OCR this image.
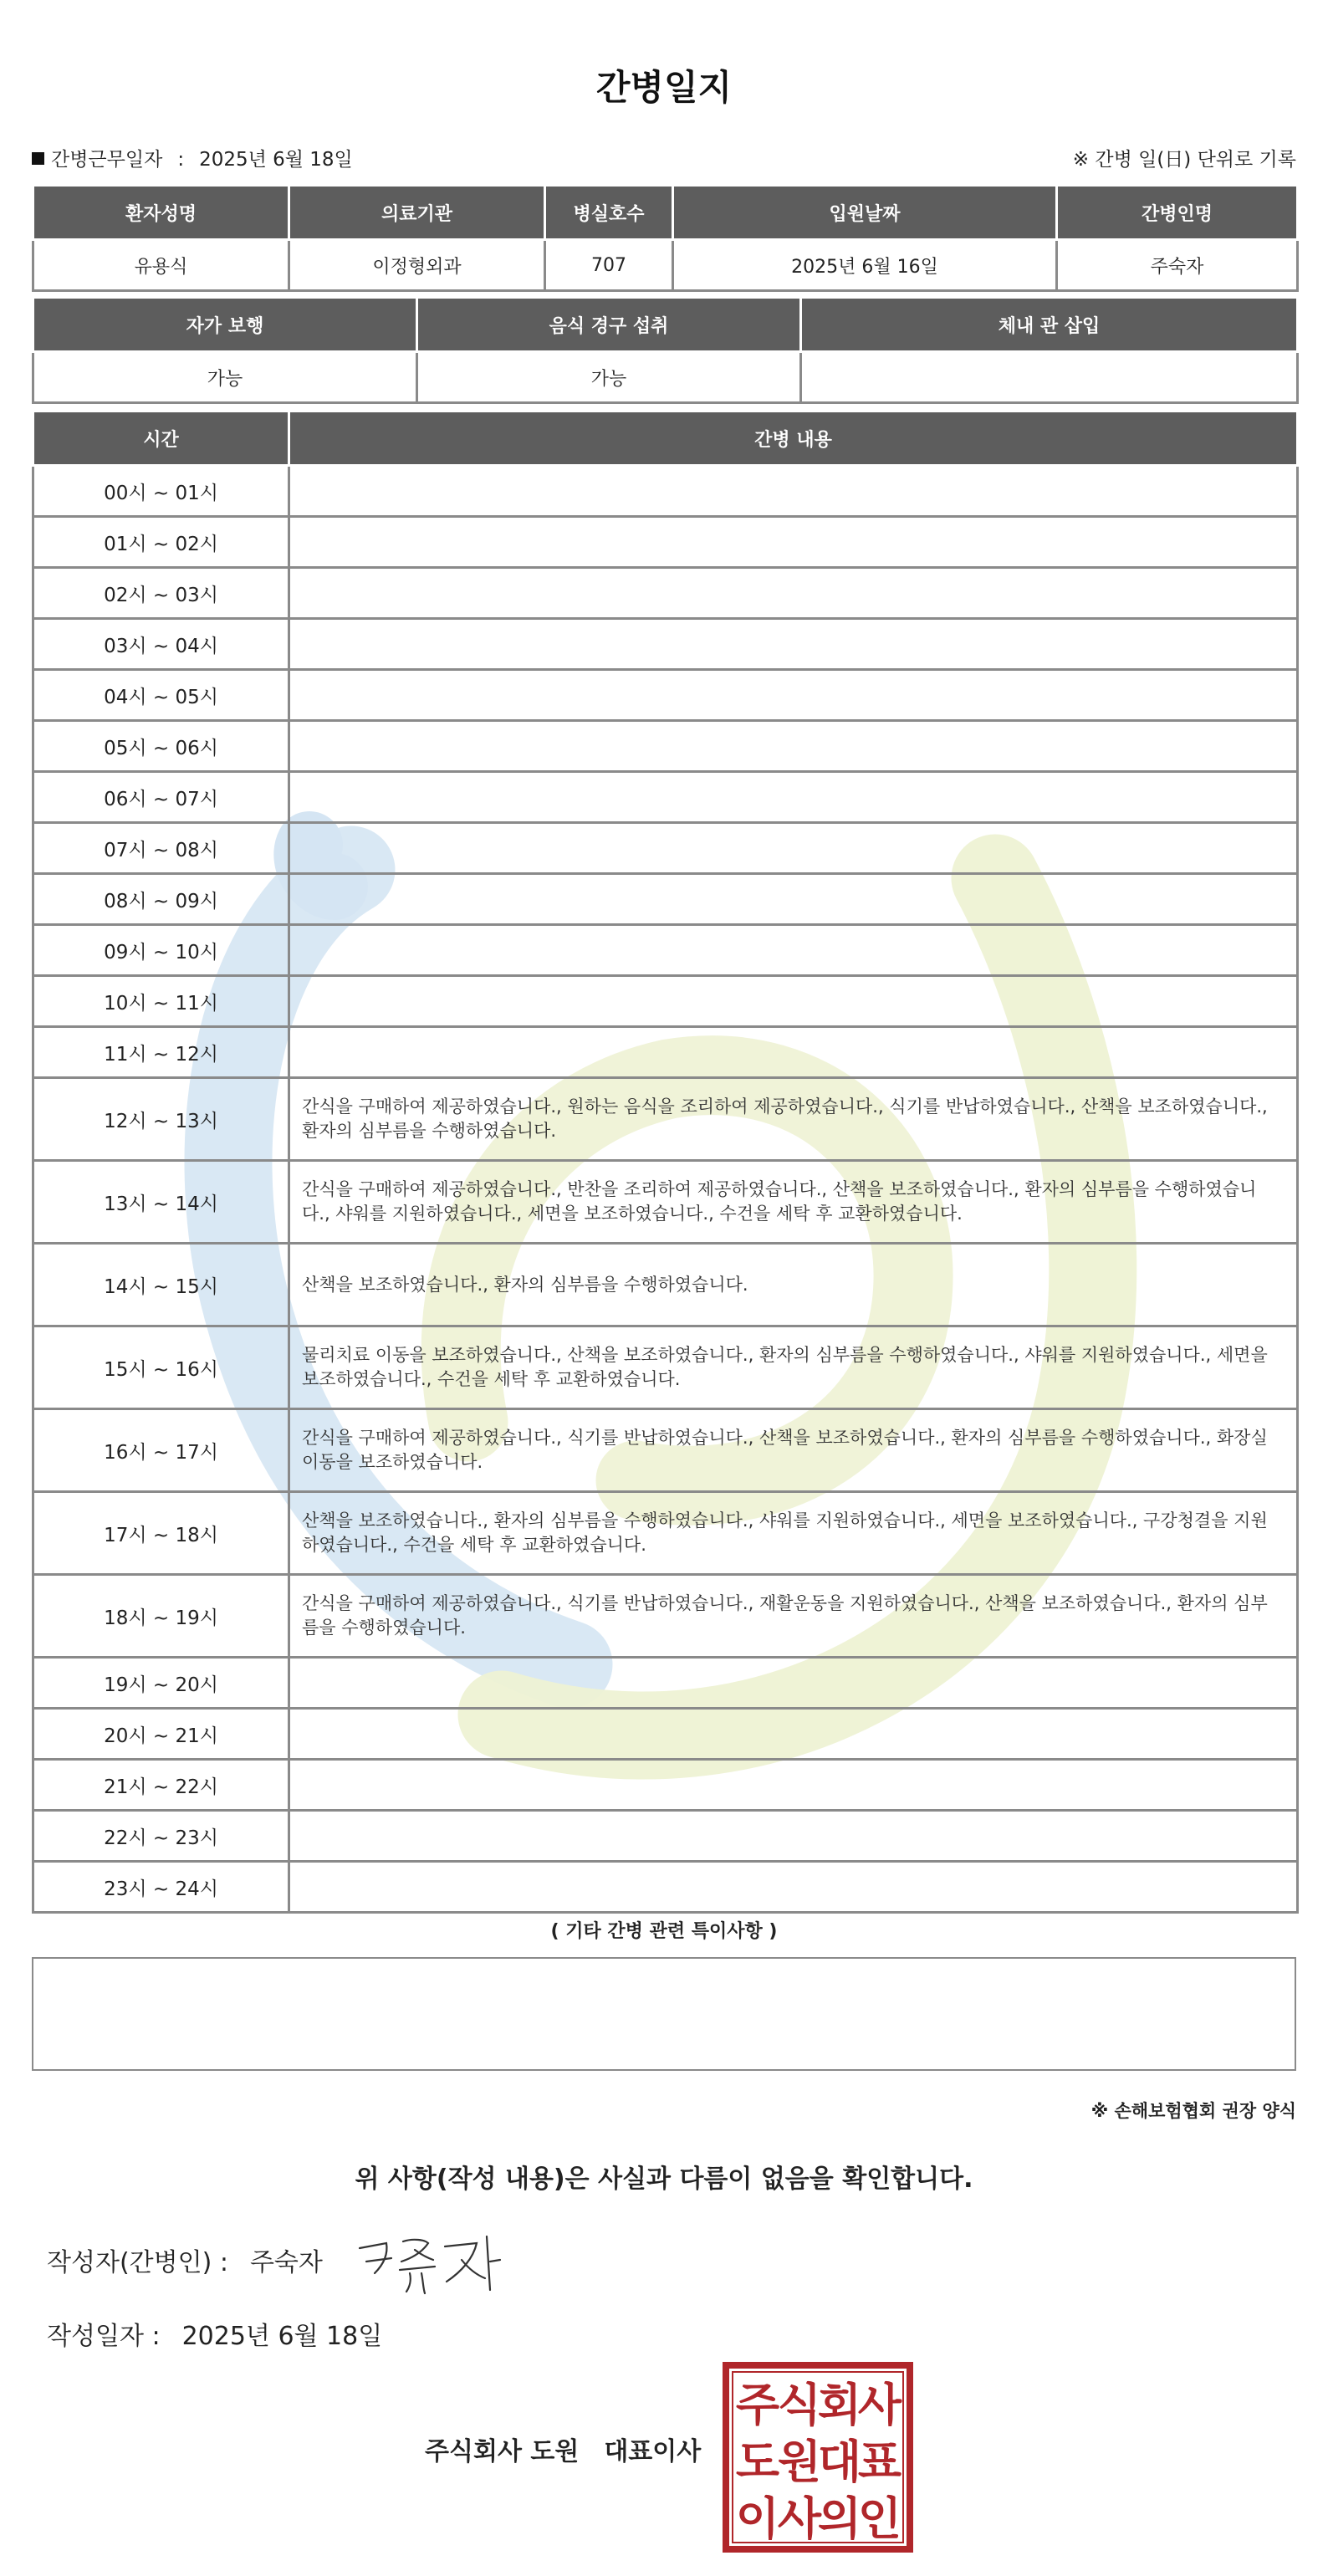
간병일지
간병근무일자 : 2025년 6월 18일	※ 간병 일(日) 단위로 기록
환자성명	의료기관	병실호수	입원날짜	간병인명
유용식	이정형외과	707	2025년 6월 16일	주숙자
자가 보행	음식 경구 섭취	체내 관 삽입
가능	가능	
시간	간병 내용
00시 ~ 01시	
01시 ~ 02시	
02시 ~ 03시	
03시 ~ 04시	
04시 ~ 05시	
05시 ~ 06시	
06시 ~ 07시	
07시 ~ 08시	
08시 ~ 09시	
09시 ~ 10시	
10시 ~ 11시	
11시 ~ 12시	
12시 ~ 13시	간식을 구매하여 제공하였습니다., 원하는 음식을 조리하여 제공하였습니다., 식기를 반납하였습니다., 산책을 보조하였습니다., 환자의 심부름을 수행하였습니다.
13시 ~ 14시	간식을 구매하여 제공하였습니다., 반찬을 조리하여 제공하였습니다., 산책을 보조하였습니다., 환자의 심부름을 수행하였습니다., 샤워를 지원하였습니다., 세면을 보조하였습니다., 수건을 세탁 후 교환하였습니다.
14시 ~ 15시	산책을 보조하였습니다., 환자의 심부름을 수행하였습니다.
15시 ~ 16시	물리치료 이동을 보조하였습니다., 산책을 보조하였습니다., 환자의 심부름을 수행하였습니다., 샤워를 지원하였습니다., 세면을 보조하였습니다., 수건을 세탁 후 교환하였습니다.
16시 ~ 17시	간식을 구매하여 제공하였습니다., 식기를 반납하였습니다., 산책을 보조하였습니다., 환자의 심부름을 수행하였습니다., 화장실 이동을 보조하였습니다.
17시 ~ 18시	산책을 보조하였습니다., 환자의 심부름을 수행하였습니다., 샤워를 지원하였습니다., 세면을 보조하였습니다., 구강청결을 지원하였습니다., 수건을 세탁 후 교환하였습니다.
18시 ~ 19시	간식을 구매하여 제공하였습니다., 식기를 반납하였습니다., 재활운동을 지원하였습니다., 산책을 보조하였습니다., 환자의 심부름을 수행하였습니다.
19시 ~ 20시	
20시 ~ 21시	
21시 ~ 22시	
22시 ~ 23시	
23시 ~ 24시	
( 기타 간병 관련 특이사항 )
※ 손해보험협회 권장 양식
위 사항(작성 내용)은 사실과 다름이 없음을 확인합니다.
작성자(간병인) : 주숙자
작성일자 : 2025년 6월 18일
주식회사 도원 대표이사
주
식
회
사
도
원
대
표
이
사
의
인
